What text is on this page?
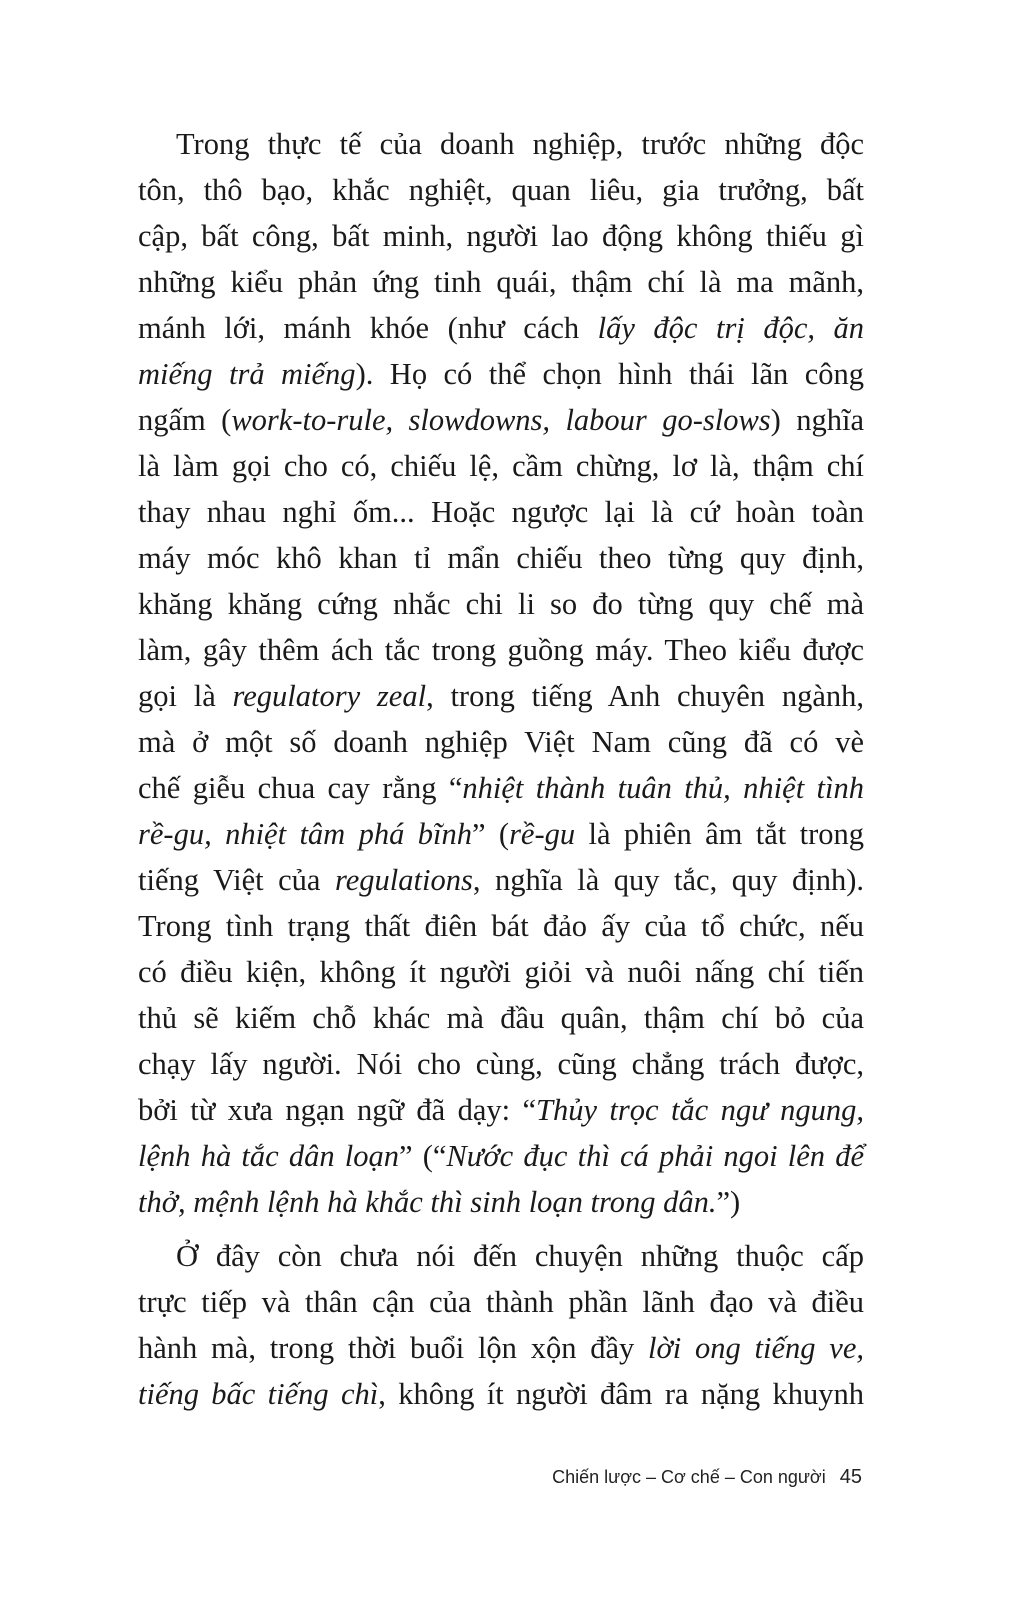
Trong thực tế của doanh nghiệp, trước những độc
tôn, thô bạo, khắc nghiệt, quan liêu, gia trưởng, bất
cập, bất công, bất minh, người lao động không thiếu gì
những kiểu phản ứng tinh quái, thậm chí là ma mãnh,
mánh lới, mánh khóe (như cách lấy độc trị độc, ăn
miếng trả miếng). Họ có thể chọn hình thái lãn công
ngấm (work-to-rule, slowdowns, labour go-slows) nghĩa
là làm gọi cho có, chiếu lệ, cầm chừng, lơ là, thậm chí
thay nhau nghỉ ốm... Hoặc ngược lại là cứ hoàn toàn
máy móc khô khan tỉ mẩn chiếu theo từng quy định,
khăng khăng cứng nhắc chi li so đo từng quy chế mà
làm, gây thêm ách tắc trong guồng máy. Theo kiểu được
gọi là regulatory zeal, trong tiếng Anh chuyên ngành,
mà ở một số doanh nghiệp Việt Nam cũng đã có vè
chế giễu chua cay rằng “nhiệt thành tuân thủ, nhiệt tình
rề-gu, nhiệt tâm phá bĩnh” (rề-gu là phiên âm tắt trong
tiếng Việt của regulations, nghĩa là quy tắc, quy định).
Trong tình trạng thất điên bát đảo ấy của tổ chức, nếu
có điều kiện, không ít người giỏi và nuôi nấng chí tiến
thủ sẽ kiếm chỗ khác mà đầu quân, thậm chí bỏ của
chạy lấy người. Nói cho cùng, cũng chẳng trách được,
bởi từ xưa ngạn ngữ đã dạy: “Thủy trọc tắc ngư ngung,
lệnh hà tắc dân loạn” (“Nước đục thì cá phải ngoi lên để
thở, mệnh lệnh hà khắc thì sinh loạn trong dân.”)
Ở đây còn chưa nói đến chuyện những thuộc cấp
trực tiếp và thân cận của thành phần lãnh đạo và điều
hành mà, trong thời buổi lộn xộn đầy lời ong tiếng ve,
tiếng bấc tiếng chì, không ít người đâm ra nặng khuynh
Chiến lược – Cơ chế – Con người 45
